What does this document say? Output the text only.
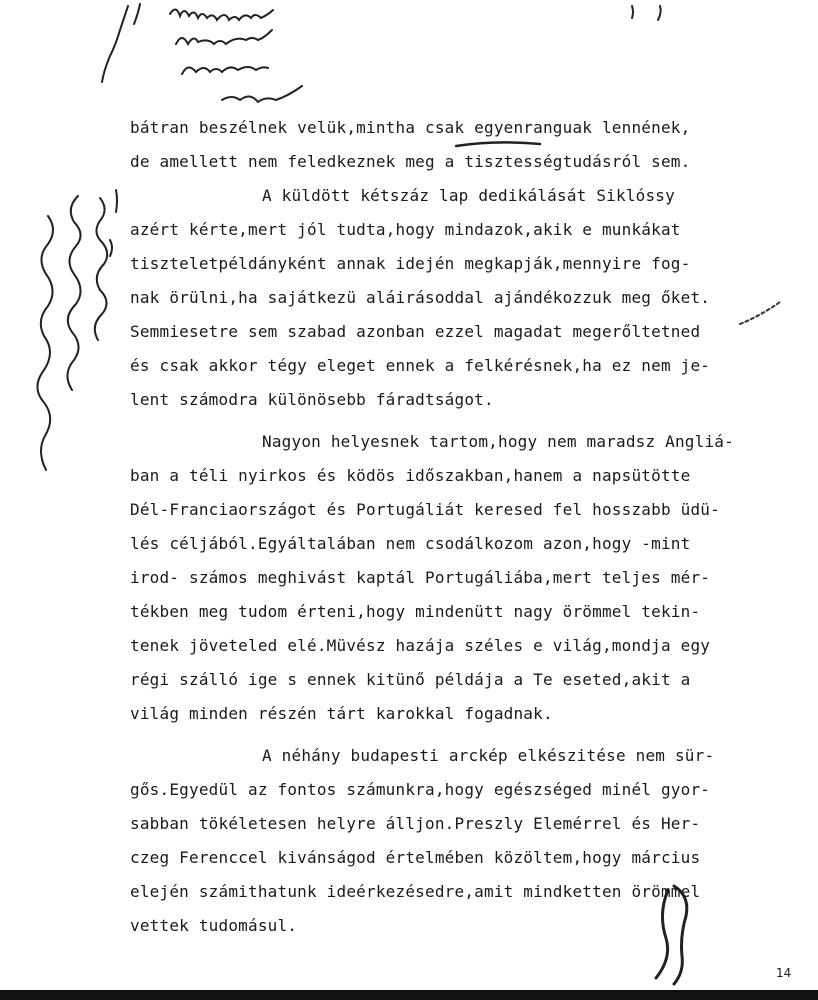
bátran beszélnek velük,mintha csak egyenranguak lennének,
de amellett nem feledkeznek meg a tisztességtudásról sem.
A küldött kétszáz lap dedikálását Siklóssy
azért kérte,mert jól tudta,hogy mindazok,akik e munkákat
tiszteletpéldányként annak idején megkapják,mennyire fog-
nak örülni,ha sajátkezü aláirásoddal ajándékozzuk meg őket.
Semmiesetre sem szabad azonban ezzel magadat megerőltetned
és csak akkor tégy eleget ennek a felkérésnek,ha ez nem je-
lent számodra különösebb fáradtságot.
Nagyon helyesnek tartom,hogy nem maradsz Angliá-
ban a téli nyirkos és ködös időszakban,hanem a napsütötte
Dél-Franciaországot és Portugáliát keresed fel hosszabb üdü-
lés céljából.Egyáltalában nem csodálkozom azon,hogy -mint
irod- számos meghivást kaptál Portugáliába,mert teljes mér-
tékben meg tudom érteni,hogy mindenütt nagy örömmel tekin-
tenek jöveteled elé.Müvész hazája széles e világ,mondja egy
régi szálló ige s ennek kitünő példája a Te eseted,akit a
világ minden részén tárt karokkal fogadnak.
A néhány budapesti arckép elkészitése nem sür-
gős.Egyedül az fontos számunkra,hogy egészséged minél gyor-
sabban tökéletesen helyre álljon.Preszly Elemérrel és Her-
czeg Ferenccel kivánságod értelmében közöltem,hogy március
elején számithatunk ideérkezésedre,amit mindketten örömmel
vettek tudomásul.
14
